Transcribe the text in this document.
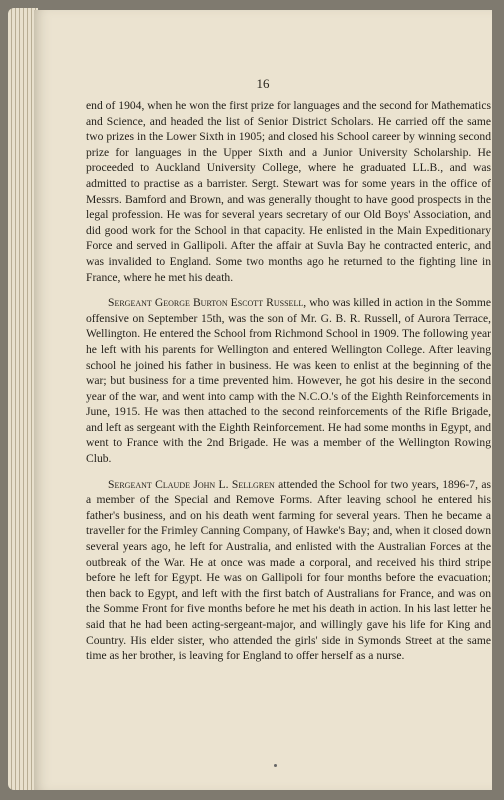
16

end of 1904, when he won the first prize for languages and the second for Mathematics and Science, and headed the list of Senior District Scholars. He carried off the same two prizes in the Lower Sixth in 1905; and closed his School career by winning second prize for languages in the Upper Sixth and a Junior University Scholarship. He proceeded to Auckland University College, where he graduated LL.B., and was admitted to practise as a barrister. Sergt. Stewart was for some years in the office of Messrs. Bamford and Brown, and was generally thought to have good prospects in the legal profession. He was for several years secretary of our Old Boys' Association, and did good work for the School in that capacity. He enlisted in the Main Expeditionary Force and served in Gallipoli. After the affair at Suvla Bay he contracted enteric, and was invalided to England. Some two months ago he returned to the fighting line in France, where he met his death.

Sergeant George Burton Escott Russell, who was killed in action in the Somme offensive on September 15th, was the son of Mr. G. B. R. Russell, of Aurora Terrace, Wellington. He entered the School from Richmond School in 1909. The following year he left with his parents for Wellington and entered Wellington College. After leaving school he joined his father in business. He was keen to enlist at the beginning of the war; but business for a time prevented him. However, he got his desire in the second year of the war, and went into camp with the N.C.O.'s of the Eighth Reinforcements in June, 1915. He was then attached to the second reinforcements of the Rifle Brigade, and left as sergeant with the Eighth Reinforcement. He had some months in Egypt, and went to France with the 2nd Brigade. He was a member of the Wellington Rowing Club.

Sergeant Claude John L. Sellgren attended the School for two years, 1896-7, as a member of the Special and Remove Forms. After leaving school he entered his father's business, and on his death went farming for several years. Then he became a traveller for the Frimley Canning Company, of Hawke's Bay; and, when it closed down several years ago, he left for Australia, and enlisted with the Australian Forces at the outbreak of the War. He at once was made a corporal, and received his third stripe before he left for Egypt. He was on Gallipoli for four months before the evacuation; then back to Egypt, and left with the first batch of Australians for France, and was on the Somme Front for five months before he met his death in action. In his last letter he said that he had been acting-sergeant-major, and willingly gave his life for King and Country. His elder sister, who attended the girls' side in Symonds Street at the same time as her brother, is leaving for England to offer herself as a nurse.
